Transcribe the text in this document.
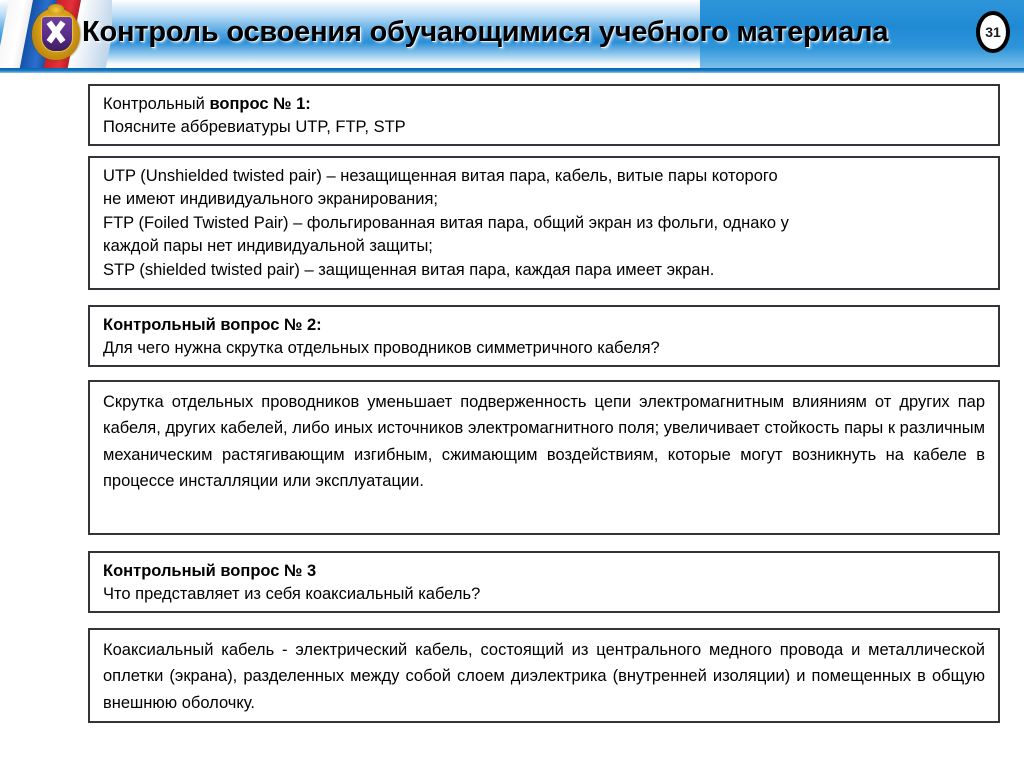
Контроль освоения обучающимися учебного материала	31

Контрольный вопрос № 1:

Поясните аббревиатуры UTP, FTP, STP

UTP (Unshielded twisted pair) – незащищенная витая пара, кабель, витые пары которого

не имеют индивидуального экранирования;

FTP (Foiled Twisted Pair) – фольгированная витая пара, общий экран из фольги, однако у

каждой пары нет индивидуальной защиты;

STP (shielded twisted pair) – защищенная витая пара, каждая пара имеет экран.

Контрольный вопрос № 2:

Для чего нужна скрутка отдельных проводников симметричного кабеля?

Скрутка отдельных проводников уменьшает подверженность цепи электромагнитным влияниям от других пар кабеля, других кабелей, либо иных источников электромагнитного поля; увеличивает стойкость пары к различным механическим растягивающим изгибным, сжимающим воздействиям, которые могут возникнуть на кабеле в процессе инсталляции или эксплуатации.

Контрольный вопрос № 3

Что представляет из себя коаксиальный кабель?

Коаксиальный кабель - электрический кабель, состоящий из центрального медного провода и металлической оплетки (экрана), разделенных между собой слоем диэлектрика (внутренней изоляции) и помещенных в общую внешнюю оболочку.
